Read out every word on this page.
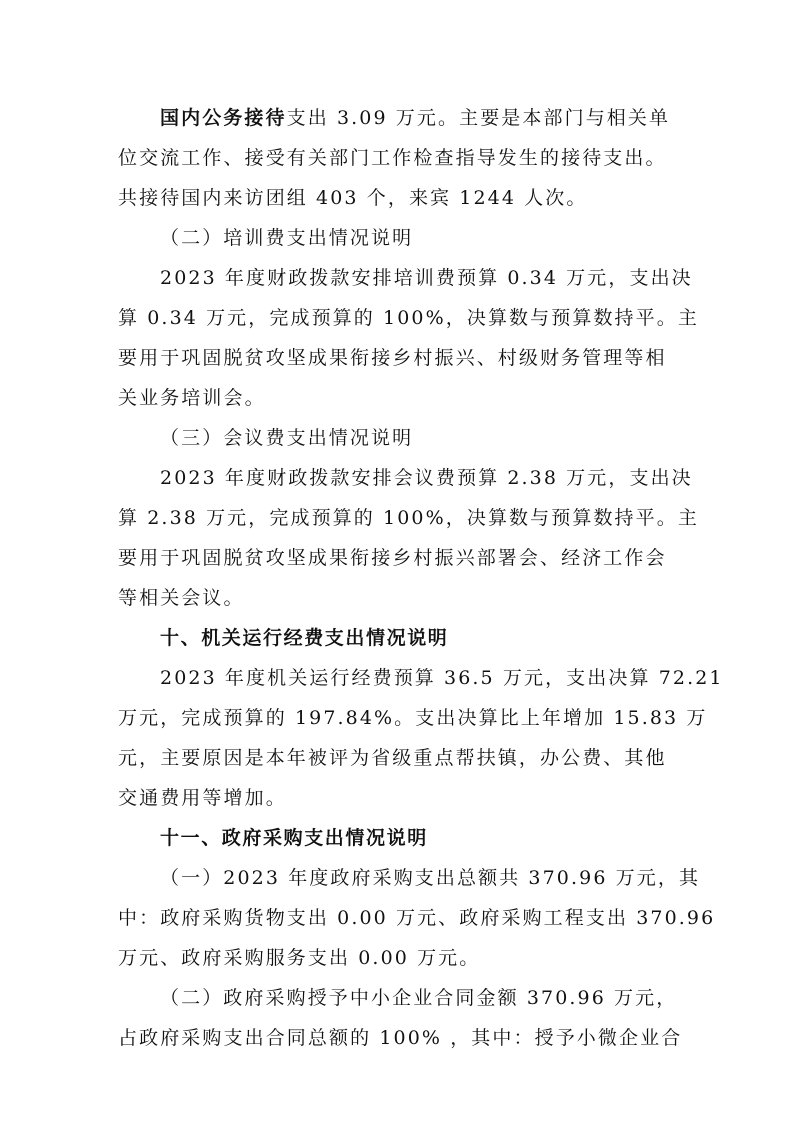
国内公务接待支出 3.09 万元。主要是本部门与相关单
位交流工作、接受有关部门工作检查指导发生的接待支出。
共接待国内来访团组 403 个，来宾 1244 人次。
（二）培训费支出情况说明
2023 年度财政拨款安排培训费预算 0.34 万元，支出决
算 0.34 万元，完成预算的 100%，决算数与预算数持平。主
要用于巩固脱贫攻坚成果衔接乡村振兴、村级财务管理等相
关业务培训会。
（三）会议费支出情况说明
2023 年度财政拨款安排会议费预算 2.38 万元，支出决
算 2.38 万元，完成预算的 100%，决算数与预算数持平。主
要用于巩固脱贫攻坚成果衔接乡村振兴部署会、经济工作会
等相关会议。
十、机关运行经费支出情况说明
2023 年度机关运行经费预算 36.5 万元，支出决算 72.21
万元，完成预算的 197.84%。支出决算比上年增加 15.83 万
元，主要原因是本年被评为省级重点帮扶镇，办公费、其他
交通费用等增加。
十一、政府采购支出情况说明
（一）2023 年度政府采购支出总额共 370.96 万元，其
中：政府采购货物支出 0.00 万元、政府采购工程支出 370.96
万元、政府采购服务支出 0.00 万元。
（二）政府采购授予中小企业合同金额 370.96 万元，
占政府采购支出合同总额的 100% ，其中：授予小微企业合
